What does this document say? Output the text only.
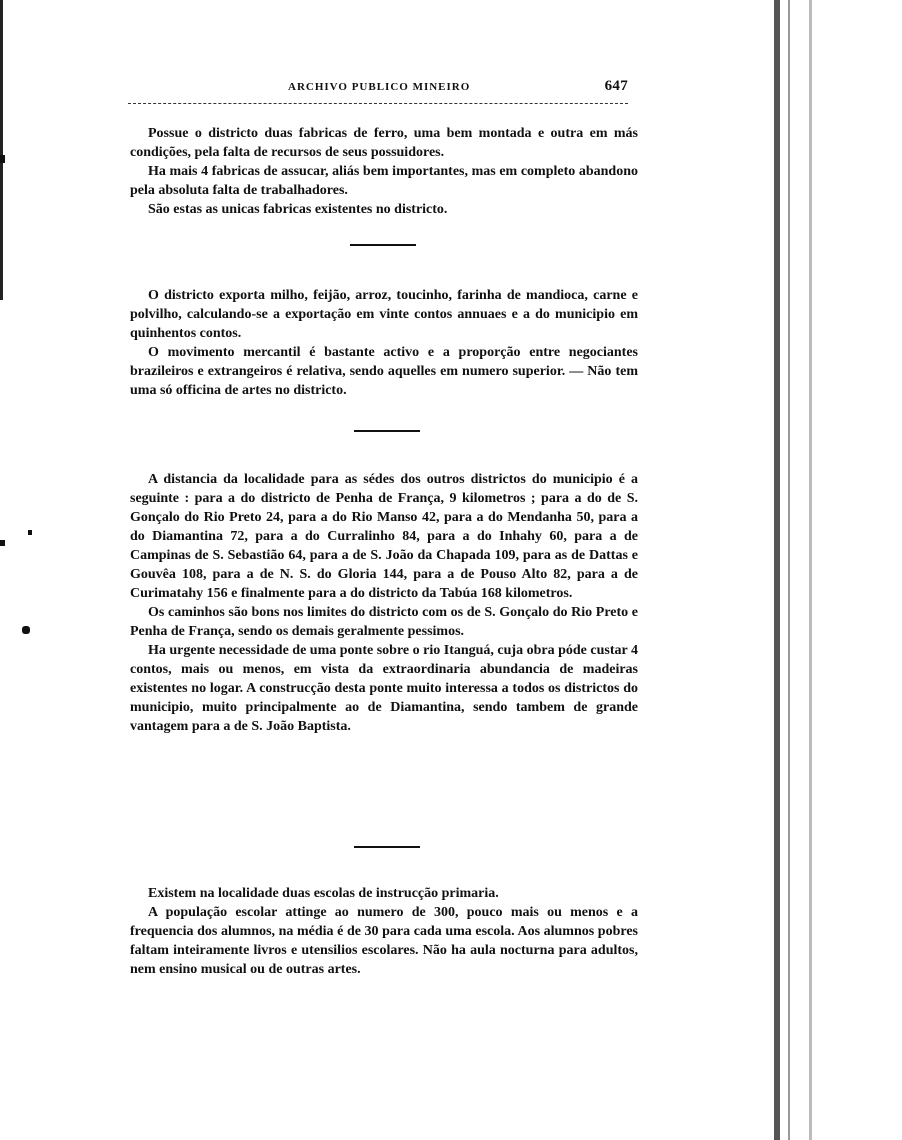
ARCHIVO PUBLICO MINEIRO	647

Possue o districto duas fabricas de ferro, uma bem montada e outra em más condições, pela falta de recursos de seus possuidores.

Ha mais 4 fabricas de assucar, aliás bem importantes, mas em completo abandono pela absoluta falta de trabalhadores.

São estas as unicas fabricas existentes no districto.

O districto exporta milho, feijão, arroz, toucinho, farinha de mandioca, carne e polvilho, calculando-se a exportação em vinte contos annuaes e a do municipio em quinhentos contos.

O movimento mercantil é bastante activo e a proporção entre negociantes brazileiros e extrangeiros é relativa, sendo aquelles em numero superior. — Não tem uma só officina de artes no districto.

A distancia da localidade para as sédes dos outros districtos do municipio é a seguinte : para a do districto de Penha de França, 9 kilometros ; para a do de S. Gonçalo do Rio Preto 24, para a do Rio Manso 42, para a do Mendanha 50, para a do Diamantina 72, para a do Curralinho 84, para a do Inhahy 60, para a de Campinas de S. Sebastião 64, para a de S. João da Chapada 109, para as de Dattas e Gouvêa 108, para a de N. S. do Gloria 144, para a de Pouso Alto 82, para a de Curimatahy 156 e finalmente para a do districto da Tabúa 168 kilometros.

Os caminhos são bons nos limites do districto com os de S. Gonçalo do Rio Preto e Penha de França, sendo os demais geralmente pessimos.

Ha urgente necessidade de uma ponte sobre o rio Itanguá, cuja obra póde custar 4 contos, mais ou menos, em vista da extraordinaria abundancia de madeiras existentes no logar. A construcção desta ponte muito interessa a todos os districtos do municipio, muito principalmente ao de Diamantina, sendo tambem de grande vantagem para a de S. João Baptista.

Existem na localidade duas escolas de instrucção primaria.

A população escolar attinge ao numero de 300, pouco mais ou menos e a frequencia dos alumnos, na média é de 30 para cada uma escola. Aos alumnos pobres faltam inteiramente livros e utensilios escolares. Não ha aula nocturna para adultos, nem ensino musical ou de outras artes.
